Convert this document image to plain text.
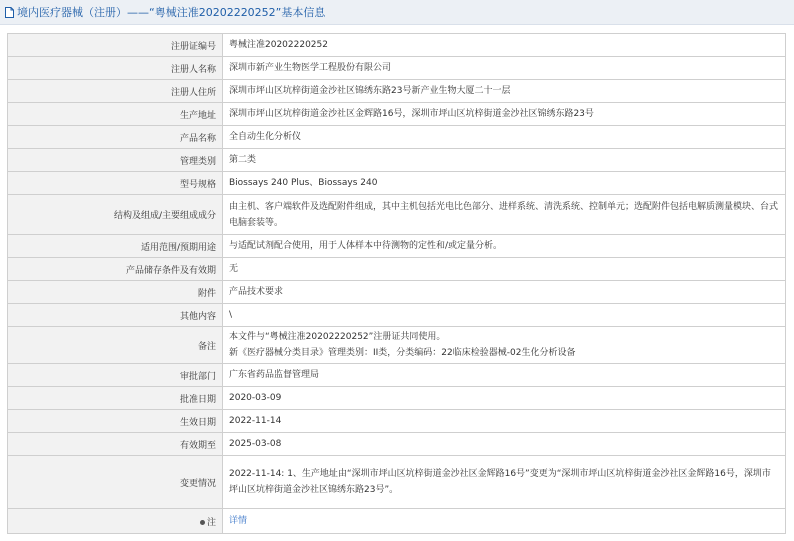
境内医疗器械（注册）——“粤械注准20202220252”基本信息
注册证编号	粤械注准20202220252
注册人名称	深圳市新产业生物医学工程股份有限公司
注册人住所	深圳市坪山区坑梓街道金沙社区锦绣东路23号新产业生物大厦二十一层
生产地址	深圳市坪山区坑梓街道金沙社区金辉路16号，深圳市坪山区坑梓街道金沙社区锦绣东路23号
产品名称	全自动生化分析仪
管理类别	第二类
型号规格	Biossays 240 Plus、Biossays 240
结构及组成/主要组成成分	由主机、客户端软件及选配附件组成，其中主机包括光电比色部分、进样系统、清洗系统、控制单元；选配附件包括电解质测量模块、台式电脑套装等。
适用范围/预期用途	与适配试剂配合使用，用于人体样本中待测物的定性和/或定量分析。
产品储存条件及有效期	无
附件	产品技术要求
其他内容	\
备注	本文件与“粤械注准20202220252”注册证共同使用。
新《医疗器械分类目录》管理类别：II类，分类编码：22临床检验器械-02生化分析设备

审批部门	广东省药品监督管理局
批准日期	2020-03-09
生效日期	2022-11-14
有效期至	2025-03-08
变更情况	2022-11-14: 1、生产地址由“深圳市坪山区坑梓街道金沙社区金辉路16号”变更为“深圳市坪山区坑梓街道金沙社区金辉路16号，深圳市坪山区坑梓街道金沙社区锦绣东路23号”。
注	详情
